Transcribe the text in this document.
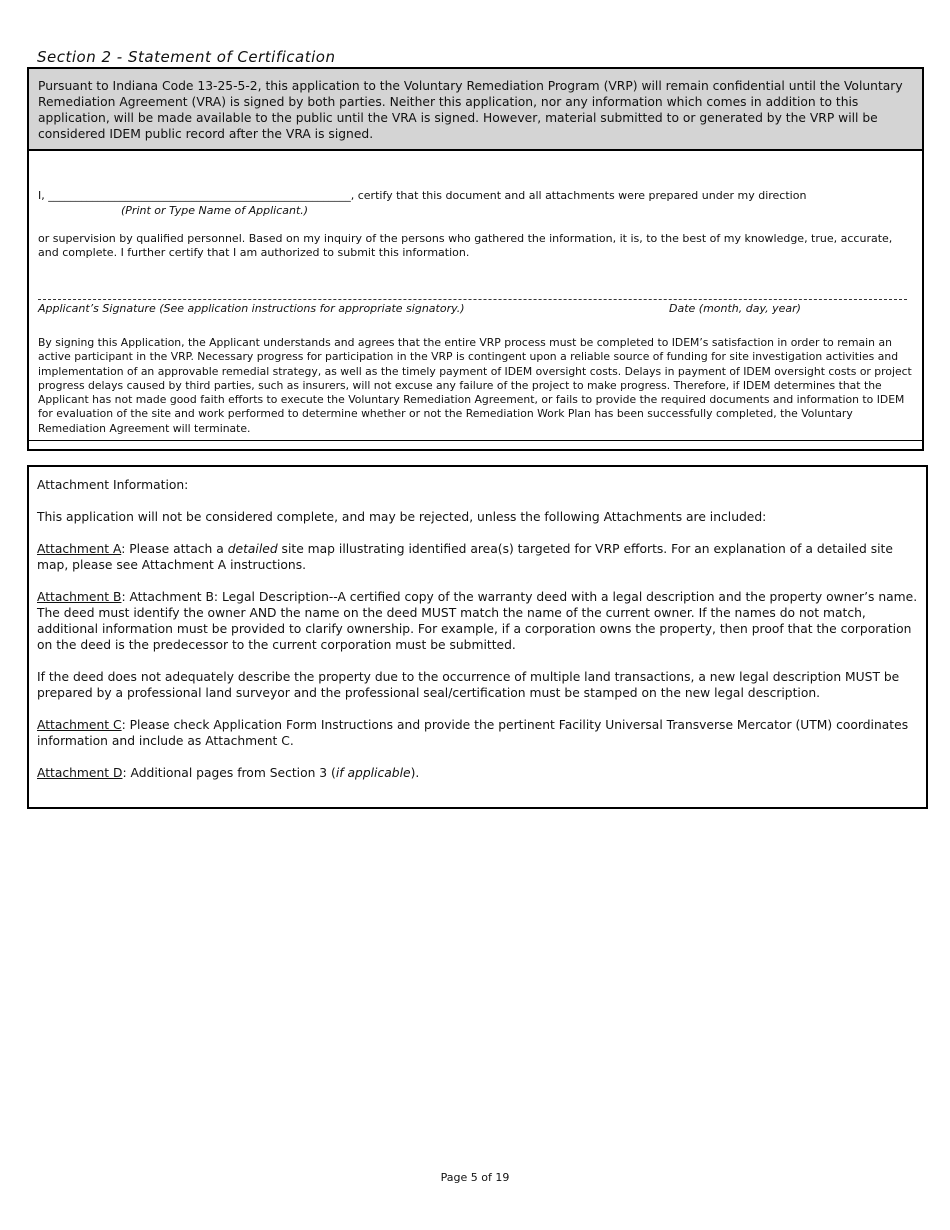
Section 2 - Statement of Certification
Pursuant to Indiana Code 13-25-5-2, this application to the Voluntary Remediation Program (VRP) will remain confidential until the Voluntary Remediation Agreement (VRA) is signed by both parties. Neither this application, nor any information which comes in addition to this application, will be made available to the public until the VRA is signed. However, material submitted to or generated by the VRP will be considered IDEM public record after the VRA is signed.
I, _______________________________________________________, certify that this document and all attachments were prepared under my direction
(Print or Type Name of Applicant.)
or supervision by qualified personnel. Based on my inquiry of the persons who gathered the information, it is, to the best of my knowledge, true, accurate, and complete. I further certify that I am authorized to submit this information.
Applicant’s Signature (See application instructions for appropriate signatory.)	Date (month, day, year)
By signing this Application, the Applicant understands and agrees that the entire VRP process must be completed to IDEM’s satisfaction in order to remain an active participant in the VRP. Necessary progress for participation in the VRP is contingent upon a reliable source of funding for site investigation activities and implementation of an approvable remedial strategy, as well as the timely payment of IDEM oversight costs. Delays in payment of IDEM oversight costs or project progress delays caused by third parties, such as insurers, will not excuse any failure of the project to make progress. Therefore, if IDEM determines that the Applicant has not made good faith efforts to execute the Voluntary Remediation Agreement, or fails to provide the required documents and information to IDEM for evaluation of the site and work performed to determine whether or not the Remediation Work Plan has been successfully completed, the Voluntary Remediation Agreement will terminate.

Attachment Information:

This application will not be considered complete, and may be rejected, unless the following Attachments are included:

Attachment A: Please attach a detailed site map illustrating identified area(s) targeted for VRP efforts. For an explanation of a detailed site map, please see Attachment A instructions.

Attachment B: Attachment B: Legal Description--A certified copy of the warranty deed with a legal description and the property owner’s name. The deed must identify the owner AND the name on the deed MUST match the name of the current owner. If the names do not match, additional information must be provided to clarify ownership. For example, if a corporation owns the property, then proof that the corporation on the deed is the predecessor to the current corporation must be submitted.

If the deed does not adequately describe the property due to the occurrence of multiple land transactions, a new legal description MUST be prepared by a professional land surveyor and the professional seal/certification must be stamped on the new legal description.

Attachment C: Please check Application Form Instructions and provide the pertinent Facility Universal Transverse Mercator (UTM) coordinates information and include as Attachment C.

Attachment D: Additional pages from Section 3 (if applicable).

Page 5 of 19
